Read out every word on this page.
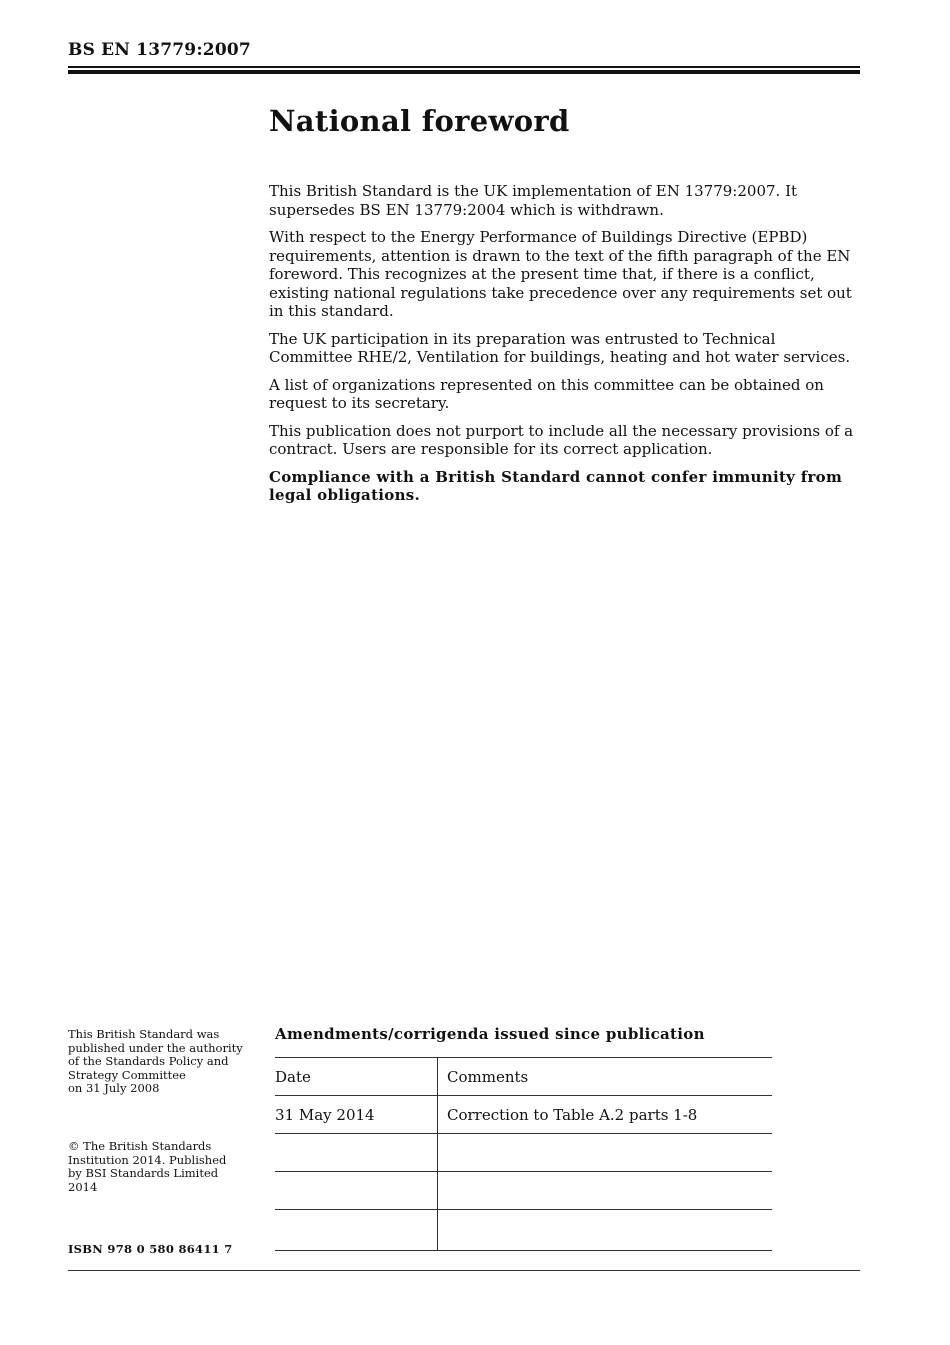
BS EN 13779:2007
National foreword

This British Standard is the UK implementation of EN 13779:2007. It supersedes BS EN 13779:2004 which is withdrawn.

With respect to the Energy Performance of Buildings Directive (EPBD) requirements, attention is drawn to the text of the fifth paragraph of the EN foreword. This recognizes at the present time that, if there is a conflict, existing national regulations take precedence over any requirements set out in this standard.

The UK participation in its preparation was entrusted to Technical Committee RHE/2, Ventilation for buildings, heating and hot water services.

A list of organizations represented on this committee can be obtained on request to its secretary.

This publication does not purport to include all the necessary provisions of a contract. Users are responsible for its correct application.

Compliance with a British Standard cannot confer immunity from legal obligations.

This British Standard was
published under the authority
of the Standards Policy and
Strategy Committee
on 31 July 2008
© The British Standards
Institution 2014. Published
by BSI Standards Limited
2014
ISBN 978 0 580 86411 7
Amendments/corrigenda issued since publication
Date	Comments
31 May 2014	Correction to Table A.2 parts 1-8
